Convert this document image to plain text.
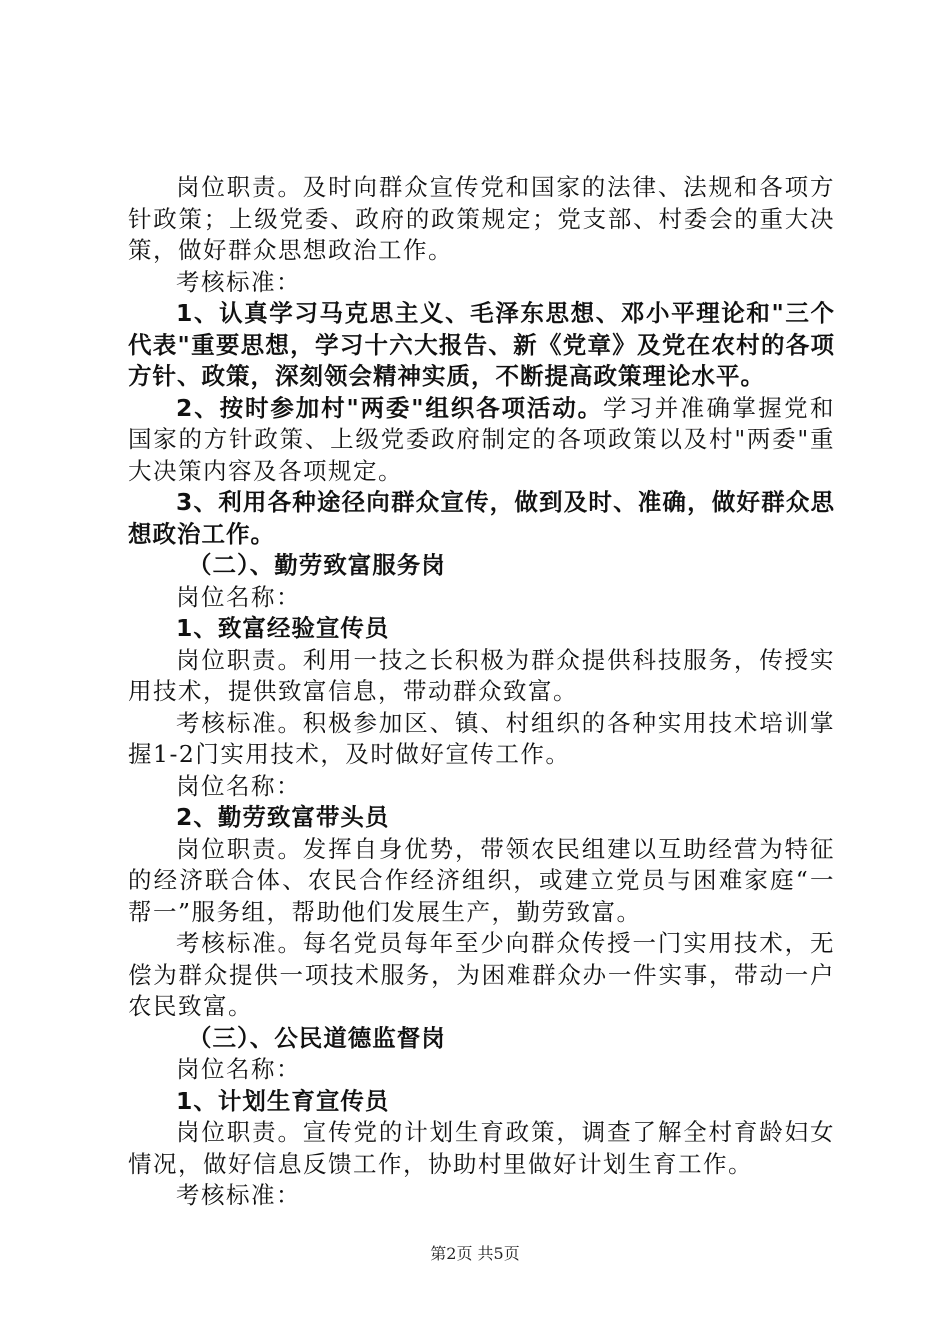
岗位职责。及时向群众宣传党和国家的法律、法规和各项方针政策；上级党委、政府的政策规定；党支部、村委会的重大决策，做好群众思想政治工作。

考核标准：

1、认真学习马克思主义、毛泽东思想、邓小平理论和"三个代表"重要思想，学习十六大报告、新《党章》及党在农村的各项方针、政策，深刻领会精神实质，不断提高政策理论水平。

2、按时参加村"两委"组织各项活动。学习并准确掌握党和国家的方针政策、上级党委政府制定的各项政策以及村"两委"重大决策内容及各项规定。

3、利用各种途径向群众宣传，做到及时、准确，做好群众思想政治工作。

（二）、勤劳致富服务岗

岗位名称：

1、致富经验宣传员

岗位职责。利用一技之长积极为群众提供科技服务，传授实用技术，提供致富信息，带动群众致富。

考核标准。积极参加区、镇、村组织的各种实用技术培训掌握1-2门实用技术，及时做好宣传工作。

岗位名称：

2、勤劳致富带头员

岗位职责。发挥自身优势，带领农民组建以互助经营为特征的经济联合体、农民合作经济组织，或建立党员与困难家庭“一帮一”服务组，帮助他们发展生产，勤劳致富。

考核标准。每名党员每年至少向群众传授一门实用技术，无偿为群众提供一项技术服务，为困难群众办一件实事，带动一户农民致富。

（三）、公民道德监督岗

岗位名称：

1、计划生育宣传员

岗位职责。宣传党的计划生育政策，调查了解全村育龄妇女情况，做好信息反馈工作，协助村里做好计划生育工作。

考核标准：

第2页 共5页
